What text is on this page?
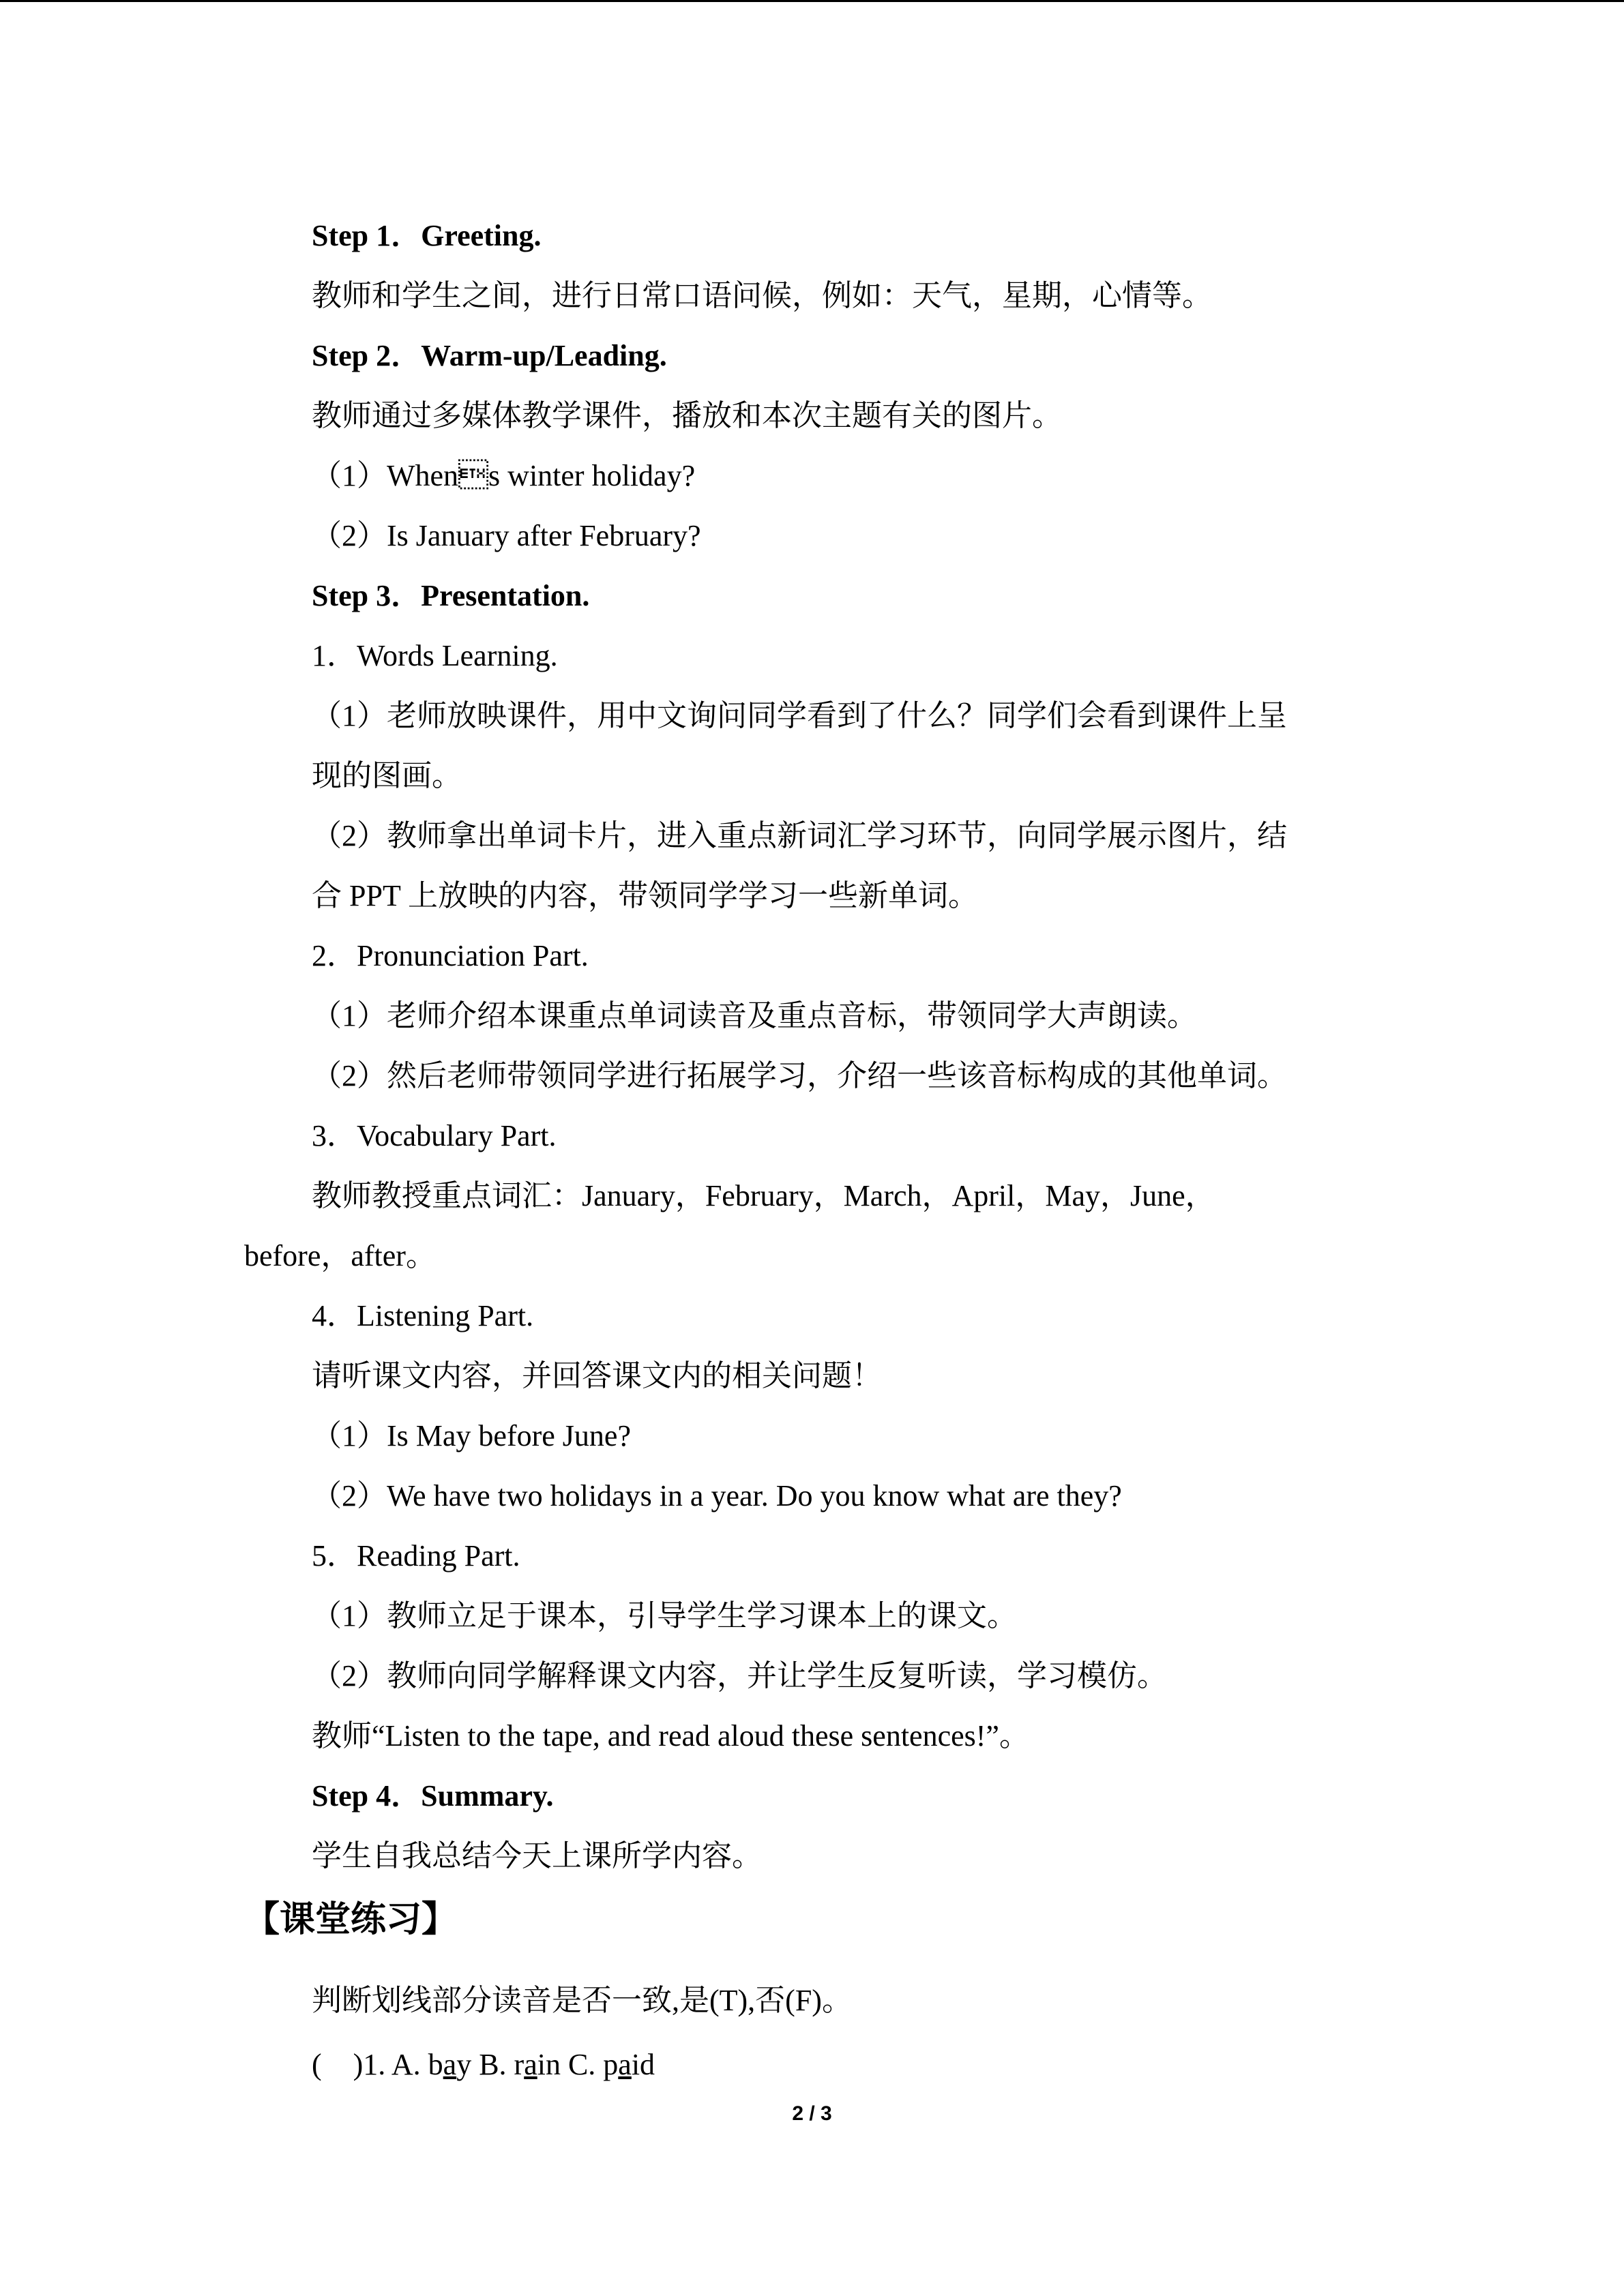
Step 1．Greeting.
教师和学生之间，进行日常口语问候，例如：天气，星期，心情等。
Step 2．Warm-up/Leading.
教师通过多媒体教学课件，播放和本次主题有关的图片。
（1）Whens winter holiday?
（2）Is January after February?
Step 3．Presentation.
1．Words Learning.
（1）老师放映课件，用中文询问同学看到了什么？同学们会看到课件上呈
现的图画。
（2）教师拿出单词卡片，进入重点新词汇学习环节，向同学展示图片，结
合 PPT 上放映的内容，带领同学学习一些新单词。
2．Pronunciation Part.
（1）老师介绍本课重点单词读音及重点音标，带领同学大声朗读。
（2）然后老师带领同学进行拓展学习，介绍一些该音标构成的其他单词。
3．Vocabulary Part.
教师教授重点词汇：January，February，March，April，May，June，
before，after。
4．Listening Part.
请听课文内容，并回答课文内的相关问题！
（1）Is May before June?
（2）We have two holidays in a year. Do you know what are they?
5．Reading Part.
（1）教师立足于课本，引导学生学习课本上的课文。
（2）教师向同学解释课文内容，并让学生反复听读，学习模仿。
教师“Listen to the tape, and read aloud these sentences!”。
Step 4．Summary.
学生自我总结今天上课所学内容。
【课堂练习】
判断划线部分读音是否一致,是(T),否(F)。
( )1. A. bay B. rain C. paid
2 / 3
